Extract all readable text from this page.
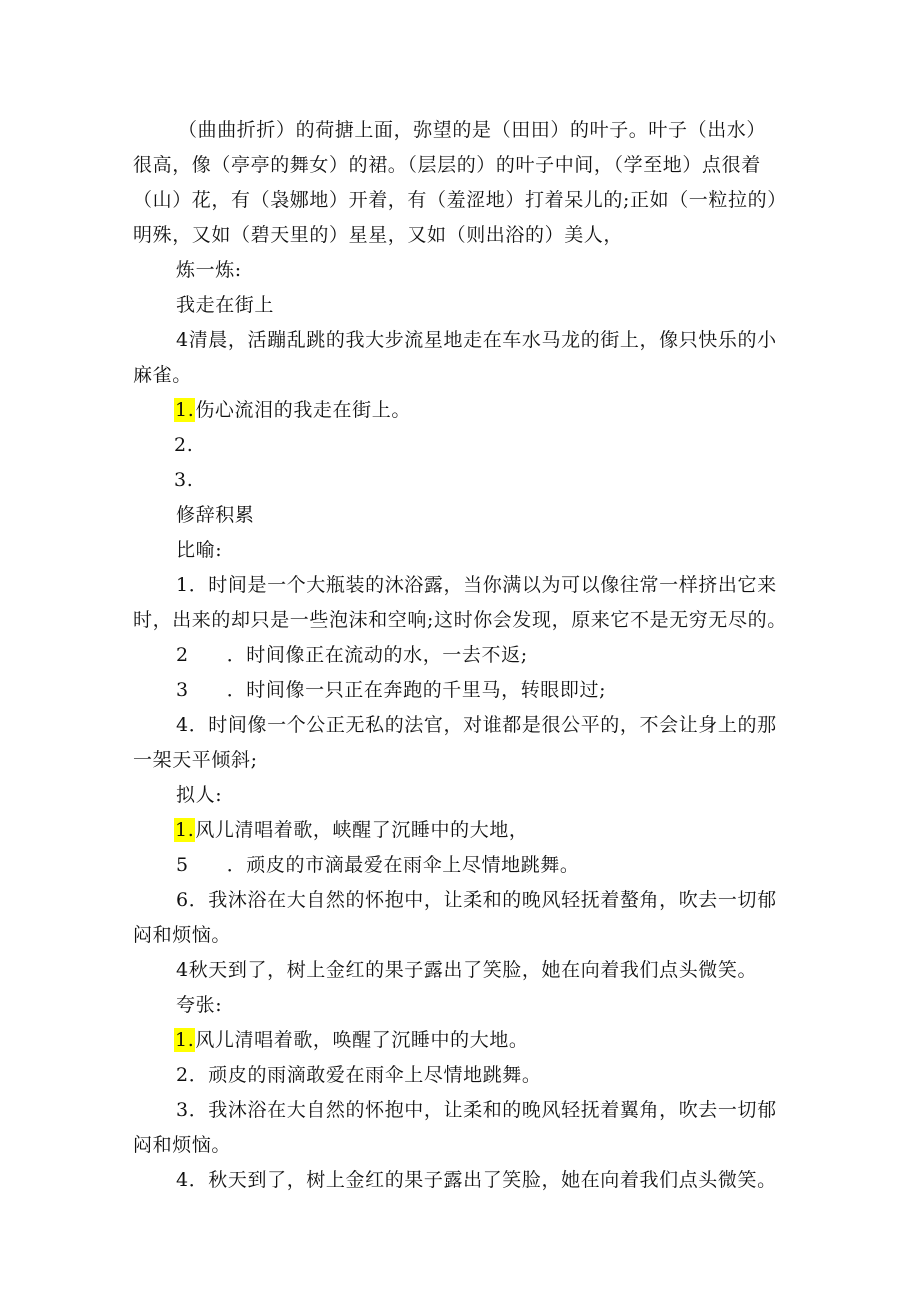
（曲曲折折）的荷搪上面，弥望的是（田田）的叶子。叶子（出水）
很高，像（亭亭的舞女）的裙。（层层的）的叶子中间，（学至地）点很着
（山）花，有（袅娜地）开着，有（羞涩地）打着呆儿的;正如（一粒拉的）
明殊，又如（碧天里的）星星，又如（则出浴的）美人，
炼一炼:
我走在街上
4清晨，活蹦乱跳的我大步流星地走在车水马龙的街上，像只快乐的小
麻雀。
1.伤心流泪的我走在街上。
2.
3.
修辞积累
比喻:
1．时间是一个大瓶装的沐浴露，当你满以为可以像往常一样挤出它来
时，出来的却只是一些泡沫和空响;这时你会发现，原来它不是无穷无尽的。
2 ．时间像正在流动的水，一去不返;
3 ．时间像一只正在奔跑的千里马，转眼即过;
4．时间像一个公正无私的法官，对谁都是很公平的，不会让身上的那
一架天平倾斜;
拟人:
1.风儿清唱着歌，峡醒了沉睡中的大地，
5 ．顽皮的市滴最爱在雨伞上尽情地跳舞。
6．我沐浴在大自然的怀抱中，让柔和的晚风轻抚着螯角，吹去一切郁
闷和烦恼。
4秋天到了，树上金红的果子露出了笑脸，她在向着我们点头微笑。
夸张:
1.风儿清唱着歌，唤醒了沉睡中的大地。
2．顽皮的雨滴敢爱在雨伞上尽情地跳舞。
3．我沐浴在大自然的怀抱中，让柔和的晚风轻抚着翼角，吹去一切郁
闷和烦恼。
4．秋天到了，树上金红的果子露出了笑脸，她在向着我们点头微笑。
